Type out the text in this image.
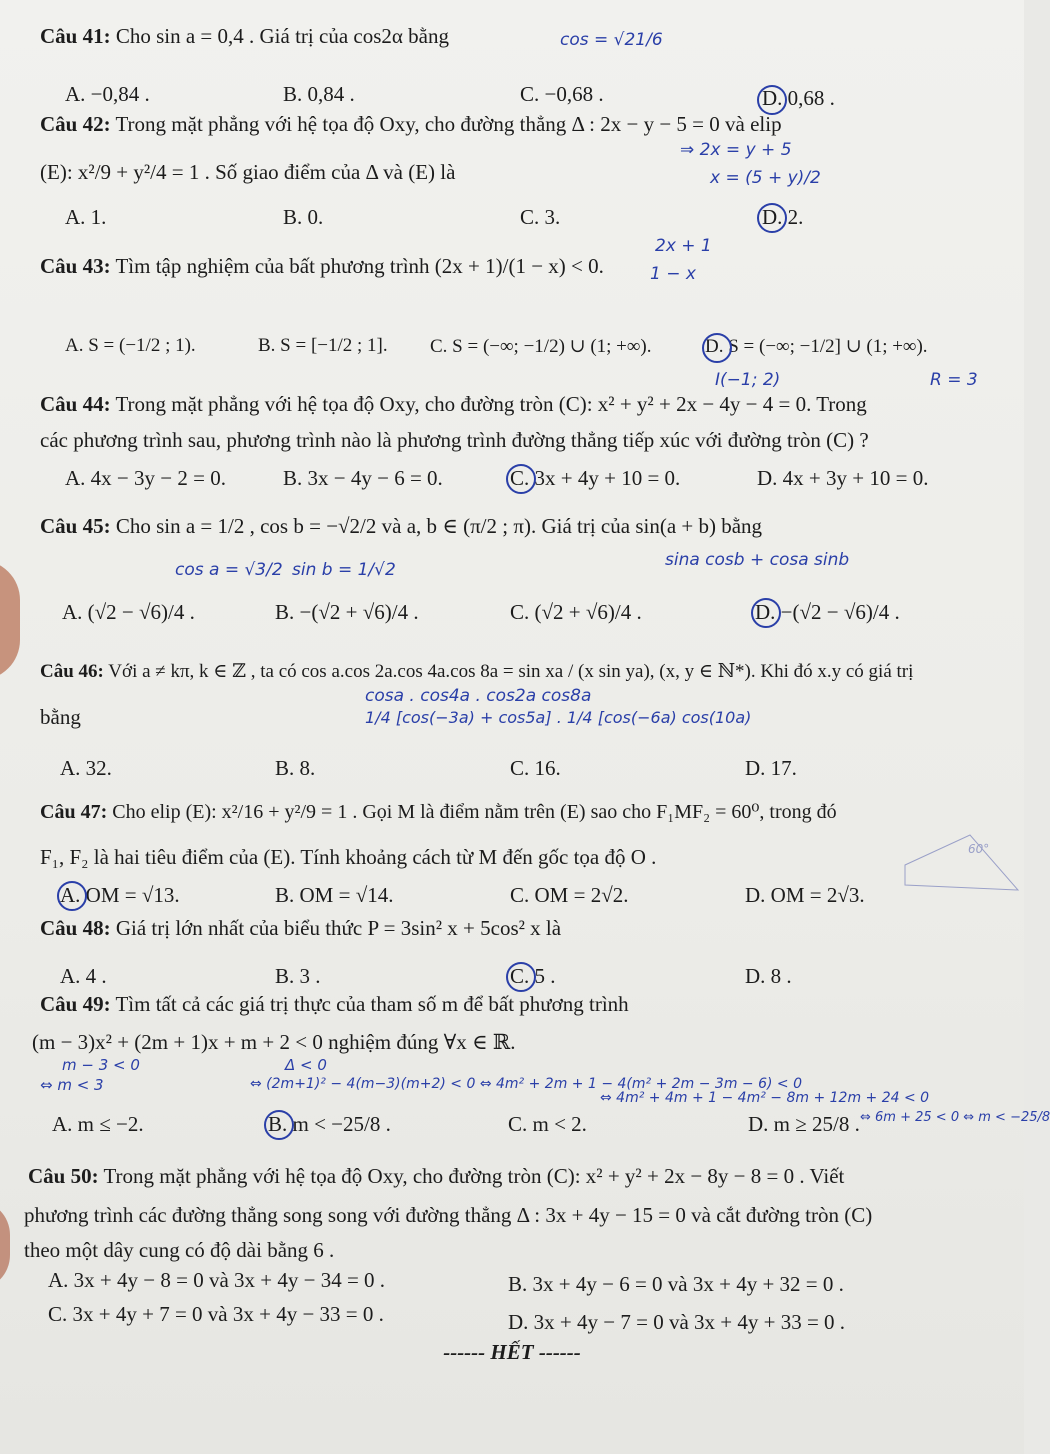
Câu 41: Cho sin a = 0,4 . Giá trị của cos2α bằng
A. −0,84 .	B. 0,84 .	C. −0,68 .	D. 0,68 .
cos = √21/6
Câu 42: Trong mặt phẳng với hệ tọa độ Oxy, cho đường thẳng Δ : 2x − y − 5 = 0 và elip
(E): x²/9 + y²/4 = 1 . Số giao điểm của Δ và (E) là
A. 1.	B. 0.	C. 3.	D. 2.
⇒ 2x = y + 5
x = (5 + y)/2
Câu 43: Tìm tập nghiệm của bất phương trình (2x + 1)/(1 − x) < 0.
A. S = (−1/2 ; 1).	B. S = [−1/2 ; 1]. C. S = (−∞; −1/2) ∪ (1; +∞).	D. S = (−∞; −1/2] ∪ (1; +∞).
2x + 1
1 − x
Câu 44: Trong mặt phẳng với hệ tọa độ Oxy, cho đường tròn (C): x² + y² + 2x − 4y − 4 = 0. Trong
các phương trình sau, phương trình nào là phương trình đường thẳng tiếp xúc với đường tròn (C) ?
A. 4x − 3y − 2 = 0.	B. 3x − 4y − 6 = 0.	C. 3x + 4y + 10 = 0.	D. 4x + 3y + 10 = 0.
I(−1; 2)	R = 3
Câu 45: Cho sin a = 1/2 , cos b = −√2/2 và a, b ∈ (π/2 ; π). Giá trị của sin(a + b) bằng
cos a = √3/2 sin b = 1/√2	sina cosb + cosa sinb
A. (√2 − √6)/4 .	B. −(√2 + √6)/4 .	C. (√2 + √6)/4 .	D. −(√2 − √6)/4 .
Câu 46: Với a ≠ kπ, k ∈ ℤ , ta có cos a.cos 2a.cos 4a.cos 8a = sin xa / (x sin ya), (x, y ∈ ℕ*). Khi đó x.y có giá trị
bằng
cosa . cos4a . cos2a cos8a
1/4 [cos(−3a) + cos5a] . 1/4 [cos(−6a) cos(10a)
A. 32.	B. 8.	C. 16.	D. 17.
Câu 47: Cho elip (E): x²/16 + y²/9 = 1 . Gọi M là điểm nằm trên (E) sao cho F₁MF₂ = 60⁰, trong đó
F₁, F₂ là hai tiêu điểm của (E). Tính khoảng cách từ M đến gốc tọa độ O .	60°
A. OM = √13.	B. OM = √14.	C. OM = 2√2.	D. OM = 2√3.
Câu 48: Giá trị lớn nhất của biểu thức P = 3sin² x + 5cos² x là
A. 4 .	B. 3 .	C. 5 .	D. 8 .
Câu 49: Tìm tất cả các giá trị thực của tham số m để bất phương trình
(m − 3)x² + (2m + 1)x + m + 2 < 0 nghiệm đúng ∀x ∈ ℝ.
m − 3 < 0
⇔ m < 3
Δ < 0
⇔ (2m+1)² − 4(m−3)(m+2) < 0 ⇔ 4m² + 2m + 1 − 4(m² + 2m − 3m − 6) < 0
⇔ 4m² + 4m + 1 − 4m² − 8m + 12m + 24 < 0
⇔ 6m + 25 < 0 ⇔ m < −25/8
A. m ≤ −2.	B. m < −25/8 .	C. m < 2.	D. m ≥ 25/8 .
Câu 50: Trong mặt phẳng với hệ tọa độ Oxy, cho đường tròn (C): x² + y² + 2x − 8y − 8 = 0 . Viết
phương trình các đường thẳng song song với đường thẳng Δ : 3x + 4y − 15 = 0 và cắt đường tròn (C)
theo một dây cung có độ dài bằng 6 .
A. 3x + 4y − 8 = 0 và 3x + 4y − 34 = 0 .	B. 3x + 4y − 6 = 0 và 3x + 4y + 32 = 0 .
C. 3x + 4y + 7 = 0 và 3x + 4y − 33 = 0 .	D. 3x + 4y − 7 = 0 và 3x + 4y + 33 = 0 .
------ HẾT ------
